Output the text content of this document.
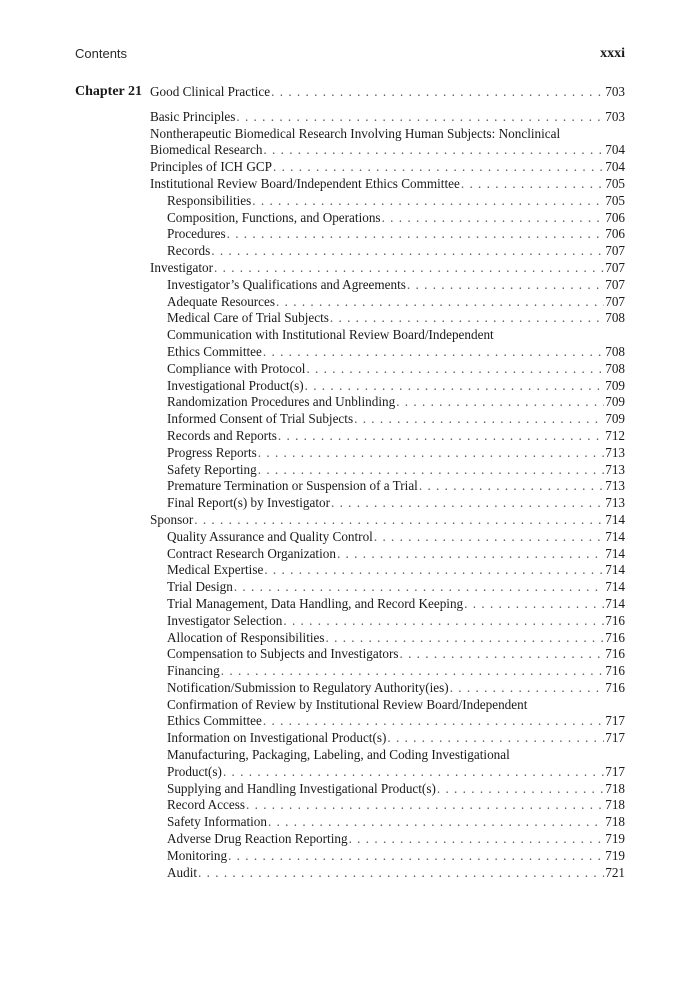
Contents	xxxi
Chapter 21 Good Clinical Practice . . .	703
Basic Principles . . .	703
Nontherapeutic Biomedical Research Involving Human Subjects: Nonclinical
Biomedical Research . . .	704
Principles of ICH GCP . . .	704
Institutional Review Board/Independent Ethics Committee . . .	705
Responsibilities . . .	705
Composition, Functions, and Operations . . .	706
Procedures . . .	706
Records . . .	707
Investigator . . .	707
Investigator’s Qualifications and Agreements . . .	707
Adequate Resources . . .	707
Medical Care of Trial Subjects . . .	708
Communication with Institutional Review Board/Independent
Ethics Committee . . .	708
Compliance with Protocol . . .	708
Investigational Product(s) . . .	709
Randomization Procedures and Unblinding . . .	709
Informed Consent of Trial Subjects . . .	709
Records and Reports . . .	712
Progress Reports . . .	713
Safety Reporting . . .	713
Premature Termination or Suspension of a Trial . . .	713
Final Report(s) by Investigator . . .	713
Sponsor . . .	714
Quality Assurance and Quality Control . . .	714
Contract Research Organization . . .	714
Medical Expertise . . .	714
Trial Design . . .	714
Trial Management, Data Handling, and Record Keeping . . .	714
Investigator Selection . . .	716
Allocation of Responsibilities . . .	716
Compensation to Subjects and Investigators . . .	716
Financing . . .	716
Notification/Submission to Regulatory Authority(ies) . . .	716
Confirmation of Review by Institutional Review Board/Independent
Ethics Committee . . .	717
Information on Investigational Product(s) . . .	717
Manufacturing, Packaging, Labeling, and Coding Investigational
Product(s) . . .	717
Supplying and Handling Investigational Product(s) . . .	718
Record Access . . .	718
Safety Information . . .	718
Adverse Drug Reaction Reporting . . .	719
Monitoring . . .	719
Audit . . .	721
